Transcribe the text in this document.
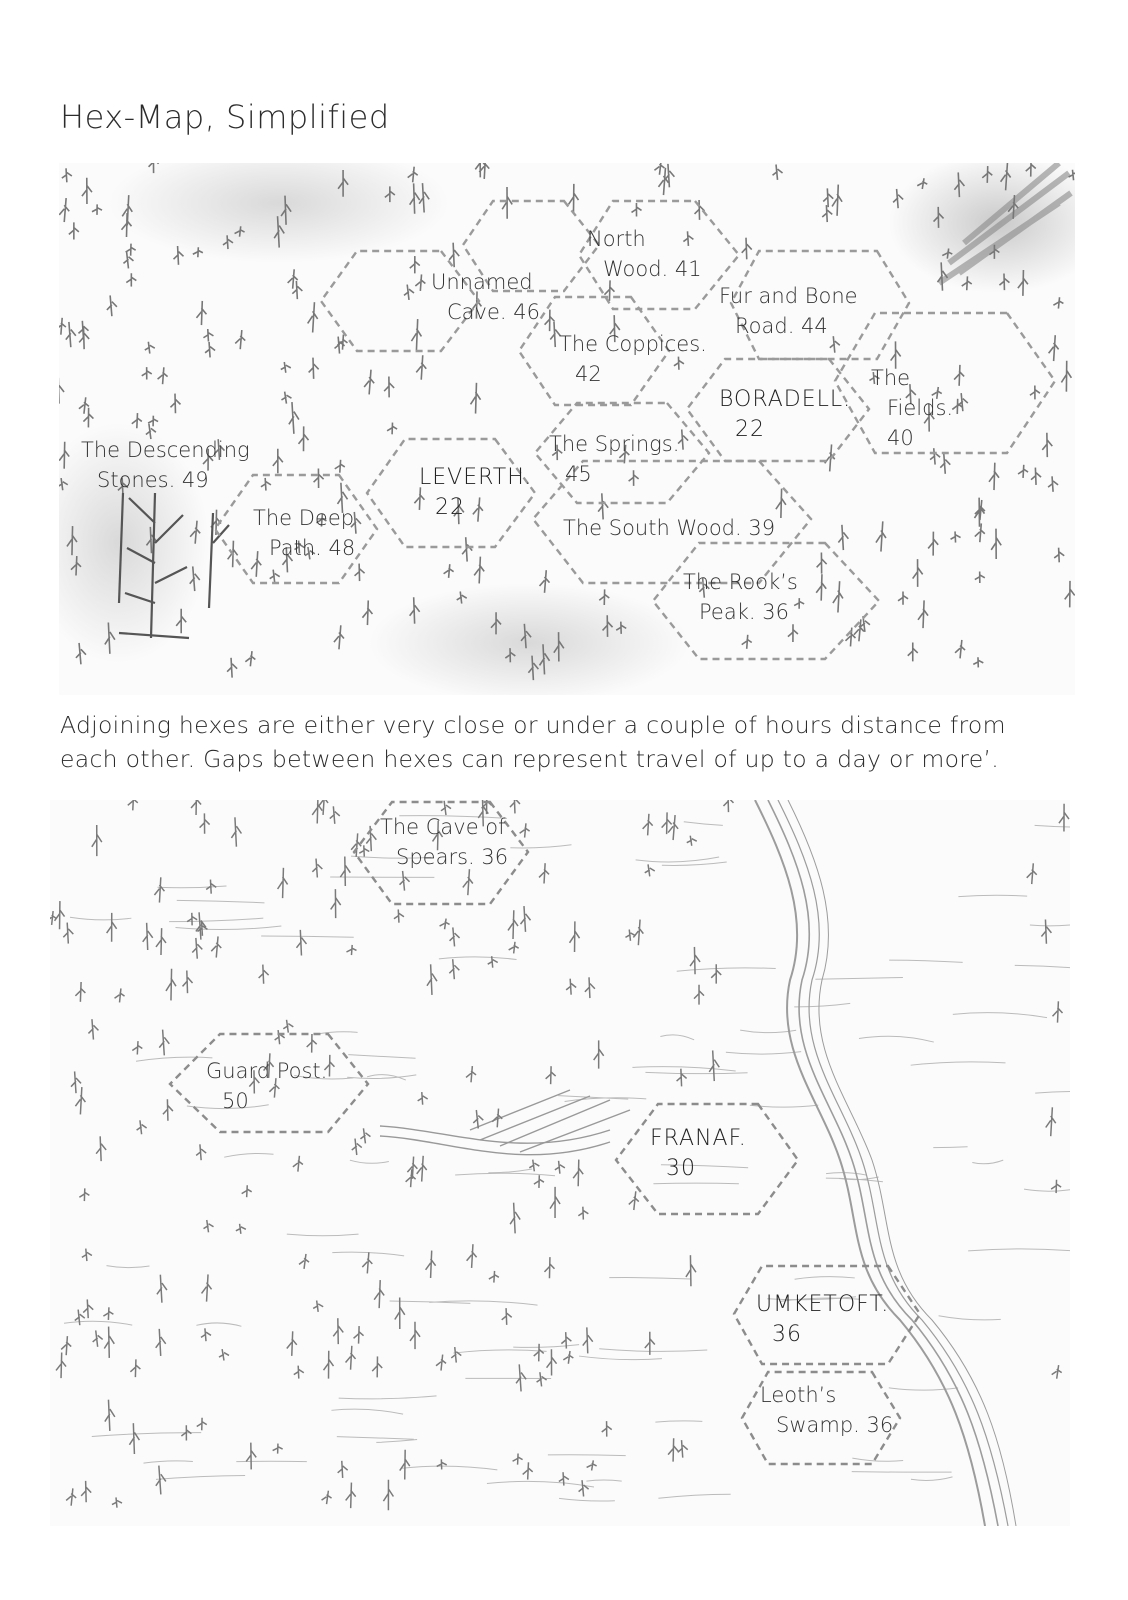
Hex-Map, Simplified
North
Wood. 41
Unnamed
Cave. 46
Fur and Bone
Road. 44
The Coppices.
42	The
Fields.
40
BORADELL.
22
The Descending
Stones. 49
The Springs.
45
LEVERTH.
22
The Deep
Path. 48
The South Wood. 39
The Rook’s
Peak. 36
Adjoining hexes are either very close or under a couple of hours distance from
each other. Gaps between hexes can represent travel of up to a day or more’.
The Cave of
Spears. 36
Guard Post.
50
FRANAF.
30
UMKETOFT.
36
Leoth’s
Swamp. 36
